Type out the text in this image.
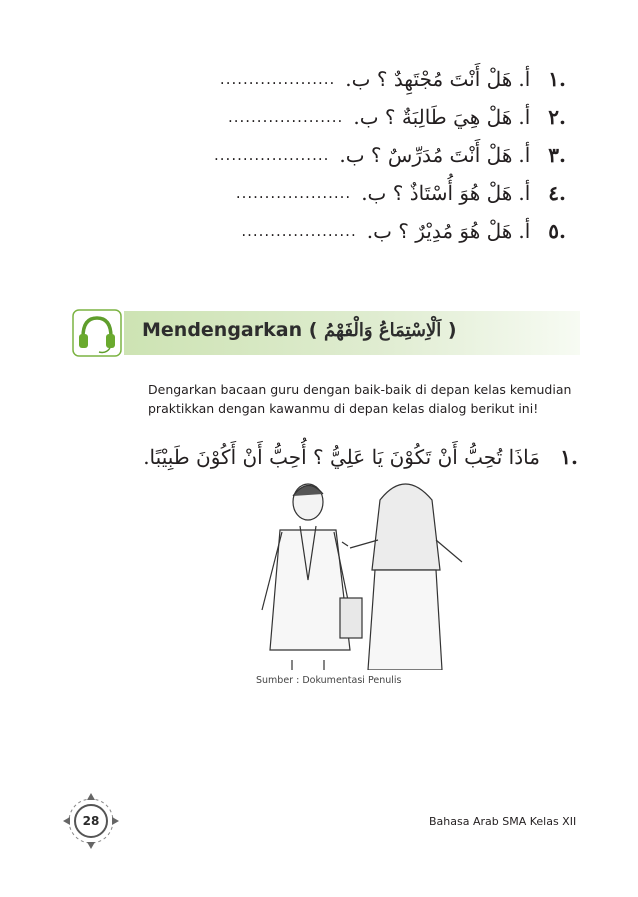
.١
أ.
هَلْ أَنْتَ مُجْتَهِدٌ ؟ ب.
....................
.٢
أ.
هَلْ هِيَ طَالِبَةٌ ؟ ب.
....................
.٣
أ.
هَلْ أَنْتَ مُدَرِّسٌ ؟ ب.
....................
.٤
أ.
هَلْ هُوَ أُسْتَاذٌ ؟ ب.
....................
.٥
أ.
هَلْ هُوَ مُدِيْرٌ ؟ ب.
....................
Mendengarkan ( اَلْاِسْتِمَاعُ وَالْفَهْمُ )

Dengarkan bacaan guru dengan baik-baik di depan kelas kemudian

praktikkan dengan kawanmu di depan kelas dialog berikut ini!

.١ مَاذَا تُحِبُّ أَنْ تَكُوْنَ يَا عَلِيُّ ؟ أُحِبُّ أَنْ أَكُوْنَ طَبِيْبًا.
Sumber : Dokumentasi Penulis
28	Bahasa Arab SMA Kelas XII
